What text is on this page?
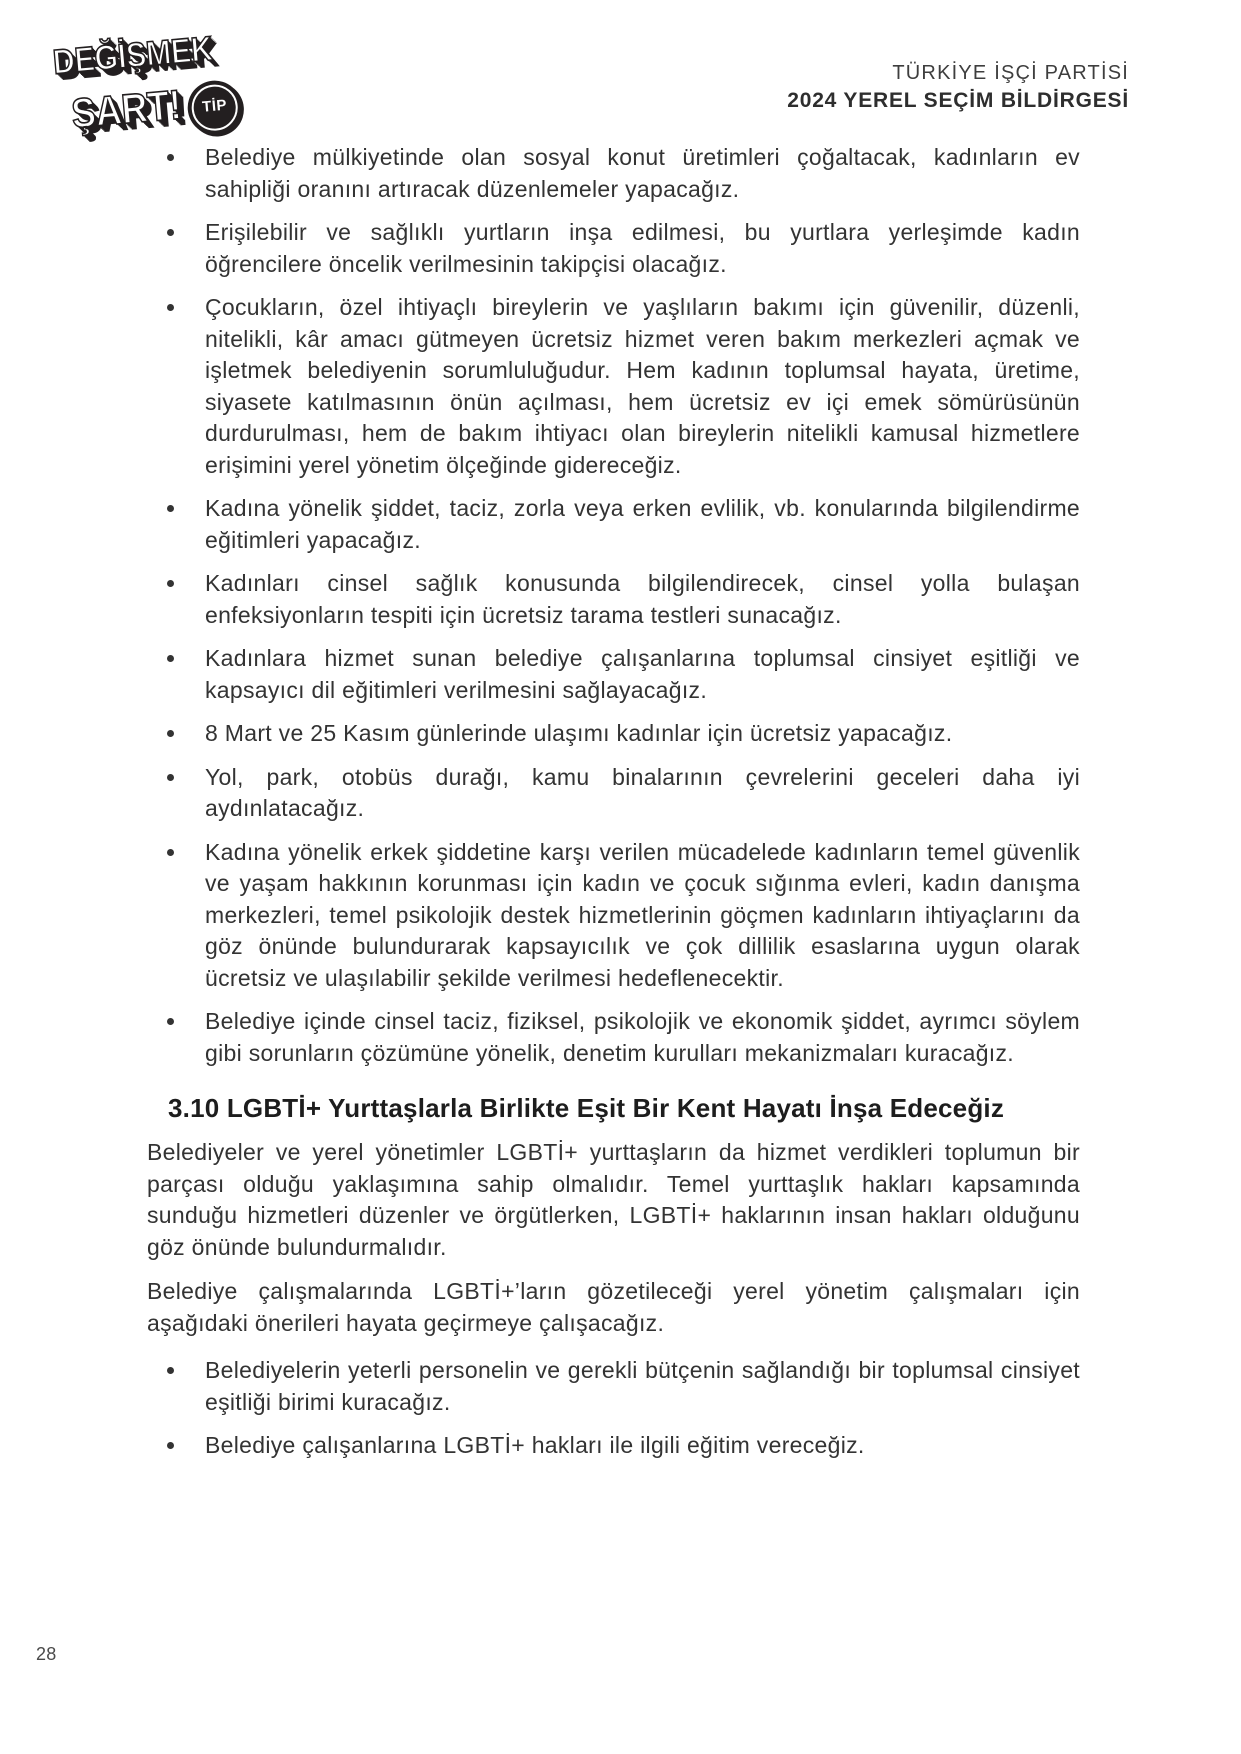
DEĞİŞMEK
ŞART! TİP
TÜRKİYE İŞÇİ PARTİSİ
2024 YEREL SEÇİM BİLDİRGESİ
Belediye mülkiyetinde olan sosyal konut üretimleri çoğaltacak, kadınların ev sahipliği oranını artıracak düzenlemeler yapacağız.
Erişilebilir ve sağlıklı yurtların inşa edilmesi, bu yurtlara yerleşimde kadın öğrencilere öncelik verilmesinin takipçisi olacağız.
Çocukların, özel ihtiyaçlı bireylerin ve yaşlıların bakımı için güvenilir, düzenli, nitelikli, kâr amacı gütmeyen ücretsiz hizmet veren bakım merkezleri açmak ve işletmek belediyenin sorumluluğudur. Hem kadının toplumsal hayata, üretime, siyasete katılmasının önün açılması, hem ücretsiz ev içi emek sömürüsünün durdurulması, hem de bakım ihtiyacı olan bireylerin nitelikli kamusal hizmetlere erişimini yerel yönetim ölçeğinde gidereceğiz.
Kadına yönelik şiddet, taciz, zorla veya erken evlilik, vb. konularında bilgilendirme eğitimleri yapacağız.
Kadınları cinsel sağlık konusunda bilgilendirecek, cinsel yolla bulaşan enfeksiyonların tespiti için ücretsiz tarama testleri sunacağız.
Kadınlara hizmet sunan belediye çalışanlarına toplumsal cinsiyet eşitliği ve kapsayıcı dil eğitimleri verilmesini sağlayacağız.
8 Mart ve 25 Kasım günlerinde ulaşımı kadınlar için ücretsiz yapacağız.
Yol, park, otobüs durağı, kamu binalarının çevrelerini geceleri daha iyi aydınlatacağız.
Kadına yönelik erkek şiddetine karşı verilen mücadelede kadınların temel güvenlik ve yaşam hakkının korunması için kadın ve çocuk sığınma evleri, kadın danışma merkezleri, temel psikolojik destek hizmetlerinin göçmen kadınların ihtiyaçlarını da göz önünde bulundurarak kapsayıcılık ve çok dillilik esaslarına uygun olarak ücretsiz ve ulaşılabilir şekilde verilmesi hedeflenecektir.
Belediye içinde cinsel taciz, fiziksel, psikolojik ve ekonomik şiddet, ayrımcı söylem gibi sorunların çözümüne yönelik, denetim kurulları mekanizmaları kuracağız.
3.10 LGBTİ+ Yurttaşlarla Birlikte Eşit Bir Kent Hayatı İnşa Edeceğiz

Belediyeler ve yerel yönetimler LGBTİ+ yurttaşların da hizmet verdikleri toplumun bir parçası olduğu yaklaşımına sahip olmalıdır. Temel yurttaşlık hakları kapsamında sunduğu hizmetleri düzenler ve örgütlerken, LGBTİ+ haklarının insan hakları olduğunu göz önünde bulundurmalıdır.

Belediye çalışmalarında LGBTİ+’ların gözetileceği yerel yönetim çalışmaları için aşağıdaki önerileri hayata geçirmeye çalışacağız.

Belediyelerin yeterli personelin ve gerekli bütçenin sağlandığı bir toplumsal cinsiyet eşitliği birimi kuracağız.
Belediye çalışanlarına LGBTİ+ hakları ile ilgili eğitim vereceğiz.
28
